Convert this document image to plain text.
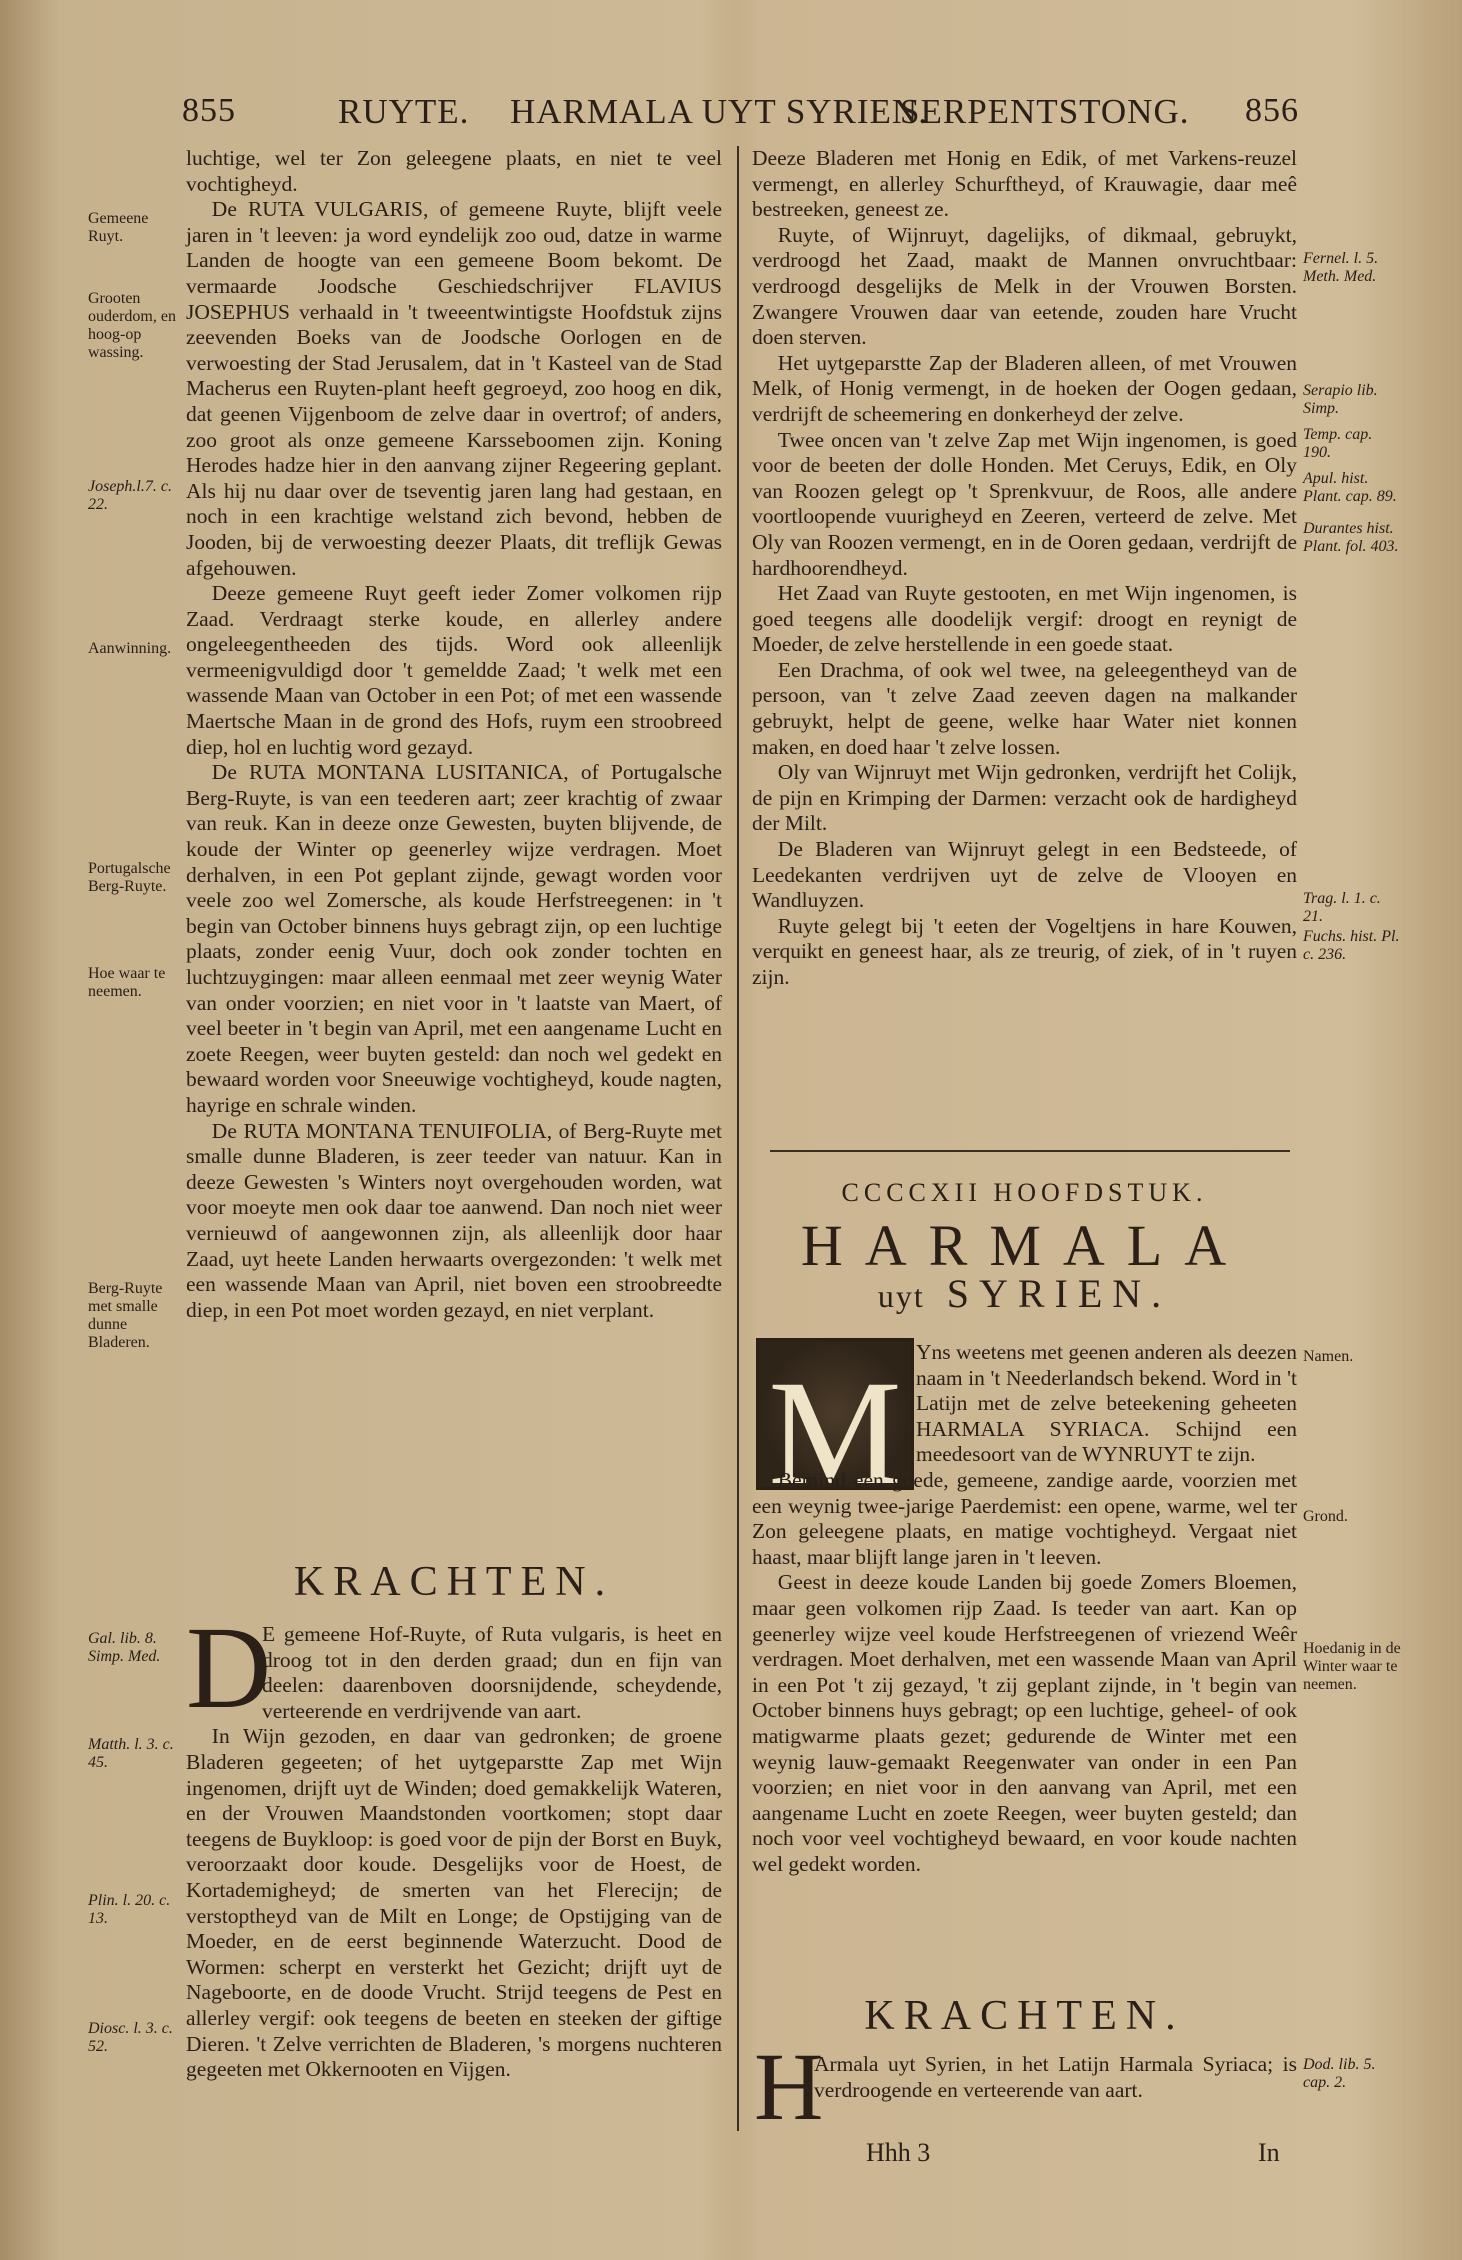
855	RUYTE. HARMALA UYT SYRIEN.
SERPENTSTONG. 856

luchtige, wel ter Zon geleegene plaats, en niet te veel vochtigheyd.

De RUTA VULGARIS, of gemeene Ruyte, blijft veele jaren in 't leeven: ja word eyndelijk zoo oud, datze in warme Landen de hoogte van een gemeene Boom bekomt. De vermaarde Joodsche Geschiedschrijver FLAVIUS JOSEPHUS verhaald in 't tweeentwintigste Hoofdstuk zijns zeevenden Boeks van de Joodsche Oorlogen en de verwoesting der Stad Jerusalem, dat in 't Kasteel van de Stad Macherus een Ruyten-plant heeft gegroeyd, zoo hoog en dik, dat geenen Vijgenboom de zelve daar in overtrof; of anders, zoo groot als onze gemeene Karsseboomen zijn. Koning Herodes hadze hier in den aanvang zijner Regeering geplant. Als hij nu daar over de tseventig jaren lang had gestaan, en noch in een krachtige welstand zich bevond, hebben de Jooden, bij de verwoesting deezer Plaats, dit treflijk Gewas afgehouwen.

Deeze gemeene Ruyt geeft ieder Zomer volkomen rijp Zaad. Verdraagt sterke koude, en allerley andere ongeleegentheeden des tijds. Word ook alleenlijk vermeenigvuldigd door 't gemeldde Zaad; 't welk met een wassende Maan van October in een Pot; of met een wassende Maertsche Maan in de grond des Hofs, ruym een stroobreed diep, hol en luchtig word gezayd.

De RUTA MONTANA LUSITANICA, of Portugalsche Berg-Ruyte, is van een teederen aart; zeer krachtig of zwaar van reuk. Kan in deeze onze Gewesten, buyten blijvende, de koude der Winter op geenerley wijze verdragen. Moet derhalven, in een Pot geplant zijnde, gewagt worden voor veele zoo wel Zomersche, als koude Herfstreegenen: in 't begin van October binnens huys gebragt zijn, op een luchtige plaats, zonder eenig Vuur, doch ook zonder tochten en luchtzuygingen: maar alleen eenmaal met zeer weynig Water van onder voorzien; en niet voor in 't laatste van Maert, of veel beeter in 't begin van April, met een aangename Lucht en zoete Reegen, weer buyten gesteld: dan noch wel gedekt en bewaard worden voor Sneeuwige vochtigheyd, koude nagten, hayrige en schrale winden.

De RUTA MONTANA TENUIFOLIA, of Berg-Ruyte met smalle dunne Bladeren, is zeer teeder van natuur. Kan in deeze Gewesten 's Winters noyt overgehouden worden, wat voor moeyte men ook daar toe aanwend. Dan noch niet weer vernieuwd of aangewonnen zijn, als alleenlijk door haar Zaad, uyt heete Landen herwaarts overgezonden: 't welk met een wassende Maan van April, niet boven een stroobreedte diep, in een Pot moet worden gezayd, en niet verplant.

KRACHTEN.
D

E gemeene Hof-Ruyte, of Ruta vulgaris, is heet en droog tot in den derden graad; dun en fijn van deelen: daarenboven doorsnijdende, scheydende, verteerende en verdrijvende van aart.

In Wijn gezoden, en daar van gedronken; de groene Bladeren gegeeten; of het uytgeparstte Zap met Wijn ingenomen, drijft uyt de Winden; doed gemakkelijk Wateren, en der Vrouwen Maandstonden voortkomen; stopt daar teegens de Buykloop: is goed voor de pijn der Borst en Buyk, veroorzaakt door koude. Desgelijks voor de Hoest, de Kortademigheyd; de smerten van het Flerecijn; de verstoptheyd van de Milt en Longe; de Opstijging van de Moeder, en de eerst beginnende Waterzucht. Dood de Wormen: scherpt en versterkt het Gezicht; drijft uyt de Nageboorte, en de doode Vrucht. Strijd teegens de Pest en allerley vergif: ook teegens de beeten en steeken der giftige Dieren. 't Zelve verrichten de Bladeren, 's morgens nuchteren gegeeten met Okkernooten en Vijgen.

Gemeene Ruyt.
Grooten ouderdom, en hoog-op wassing.
Joseph.l.7. c. 22.
Aanwinning.
Portugalsche Berg-Ruyte.
Hoe waar te neemen.
Berg-Ruyte met smalle dunne Bladeren.
Gal. lib. 8. Simp. Med.
Matth. l. 3. c. 45.
Plin. l. 20. c. 13.
Diosc. l. 3. c. 52.

Deeze Bladeren met Honig en Edik, of met Varkens-reuzel vermengt, en allerley Schurftheyd, of Krauwagie, daar meê bestreeken, geneest ze.

Ruyte, of Wijnruyt, dagelijks, of dikmaal, gebruykt, verdroogd het Zaad, maakt de Mannen onvruchtbaar: verdroogd desgelijks de Melk in der Vrouwen Borsten. Zwangere Vrouwen daar van eetende, zouden hare Vrucht doen sterven.

Het uytgeparstte Zap der Bladeren alleen, of met Vrouwen Melk, of Honig vermengt, in de hoeken der Oogen gedaan, verdrijft de scheemering en donkerheyd der zelve.

Twee oncen van 't zelve Zap met Wijn ingenomen, is goed voor de beeten der dolle Honden. Met Ceruys, Edik, en Oly van Roozen gelegt op 't Sprenkvuur, de Roos, alle andere voortloopende vuurigheyd en Zeeren, verteerd de zelve. Met Oly van Roozen vermengt, en in de Ooren gedaan, verdrijft de hardhoorendheyd.

Het Zaad van Ruyte gestooten, en met Wijn ingenomen, is goed teegens alle doodelijk vergif: droogt en reynigt de Moeder, de zelve herstellende in een goede staat.

Een Drachma, of ook wel twee, na geleegentheyd van de persoon, van 't zelve Zaad zeeven dagen na malkander gebruykt, helpt de geene, welke haar Water niet konnen maken, en doed haar 't zelve lossen.

Oly van Wijnruyt met Wijn gedronken, verdrijft het Colijk, de pijn en Krimping der Darmen: verzacht ook de hardigheyd der Milt.

De Bladeren van Wijnruyt gelegt in een Bedsteede, of Leedekanten verdrijven uyt de zelve de Vlooyen en Wandluyzen.

Ruyte gelegt bij 't eeten der Vogeltjens in hare Kouwen, verquikt en geneest haar, als ze treurig, of ziek, of in 't ruyen zijn.

CCCCXII HOOFDSTUK.
HARMALA
uyt SYRIEN.
M Yns weetens met geenen anderen als deezen naam in 't Neederlandsch bekend. Word in 't Latijn met de zelve beteekening geheeten HARMALA SYRIACA. Schijnd een meedesoort van de WYNRUYT te zijn.

Bemind een goede, gemeene, zandige aarde, voorzien met een weynig twee-jarige Paerdemist: een opene, warme, wel ter Zon geleegene plaats, en matige vochtigheyd. Vergaat niet haast, maar blijft lange jaren in 't leeven.

Geest in deeze koude Landen bij goede Zomers Bloemen, maar geen volkomen rijp Zaad. Is teeder van aart. Kan op geenerley wijze veel koude Herfstreegenen of vriezend Weêr verdragen. Moet derhalven, met een wassende Maan van April in een Pot 't zij gezayd, 't zij geplant zijnde, in 't begin van October binnens huys gebragt; op een luchtige, geheel- of ook matigwarme plaats gezet; gedurende de Winter met een weynig lauw-gemaakt Reegenwater van onder in een Pan voorzien; en niet voor in den aanvang van April, met een aangename Lucht en zoete Reegen, weer buyten gesteld; dan noch voor veel vochtigheyd bewaard, en voor koude nachten wel gedekt worden.

KRACHTEN.
H

Armala uyt Syrien, in het Latijn Harmala Syriaca; is verdroogende en verteerende van aart.

Hhh 3	In
Fernel. l. 5. Meth. Med.
Serapio lib. Simp.
Temp. cap. 190.
Apul. hist. Plant. cap. 89.
Durantes hist. Plant. fol. 403.
Trag. l. 1. c. 21.
Fuchs. hist. Pl. c. 236.
Namen.
Grond.
Hoedanig in de Winter waar te neemen.
Dod. lib. 5. cap. 2.
